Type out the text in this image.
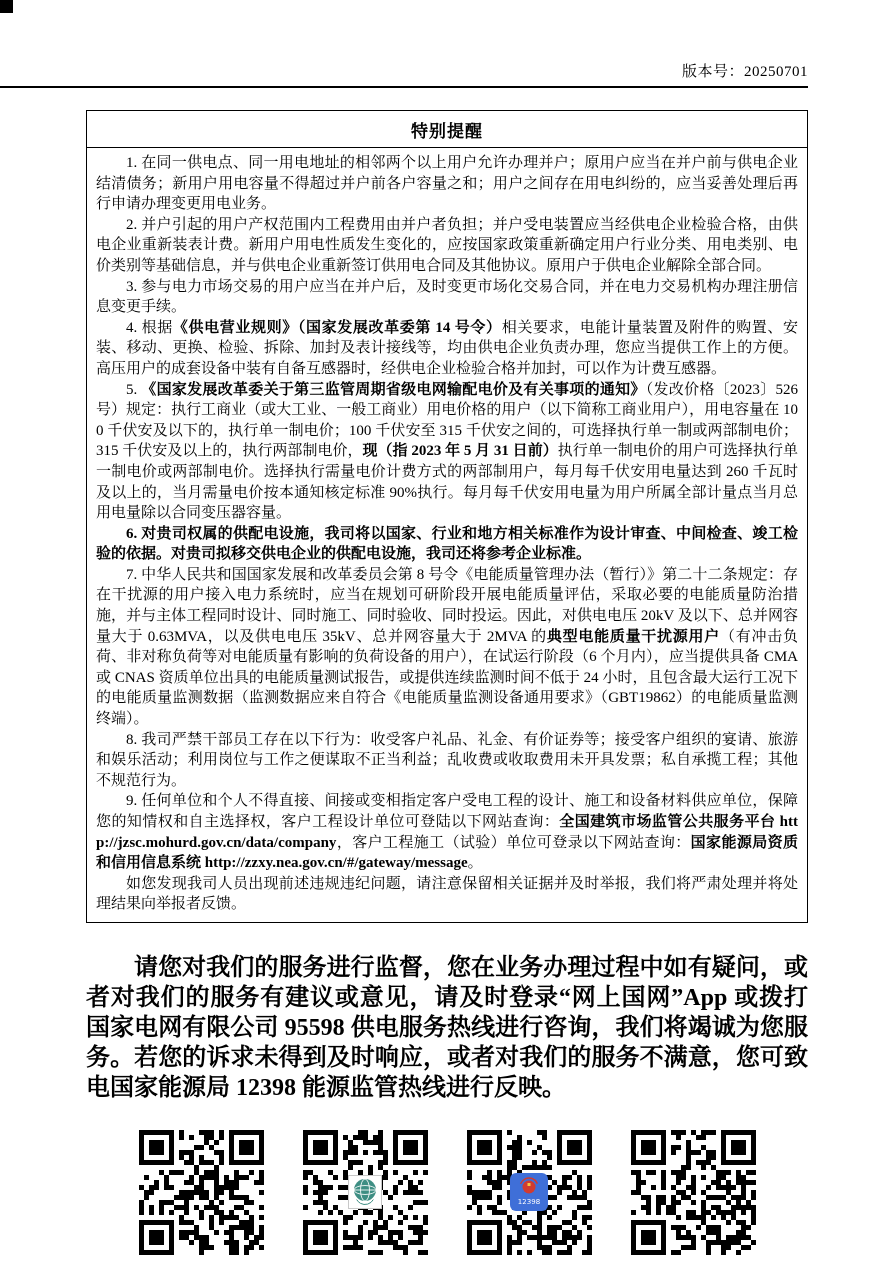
版本号：20250701
特别提醒

1. 在同一供电点、同一用电地址的相邻两个以上用户允许办理并户；原用户应当在并户前与供电企业结清债务；新用户用电容量不得超过并户前各户容量之和；用户之间存在用电纠纷的，应当妥善处理后再行申请办理变更用电业务。

2. 并户引起的用户产权范围内工程费用由并户者负担；并户受电装置应当经供电企业检验合格，由供电企业重新装表计费。新用户用电性质发生变化的，应按国家政策重新确定用户行业分类、用电类别、电价类别等基础信息，并与供电企业重新签订供用电合同及其他协议。原用户于供电企业解除全部合同。

3. 参与电力市场交易的用户应当在并户后，及时变更市场化交易合同，并在电力交易机构办理注册信息变更手续。

4. 根据《供电营业规则》（国家发展改革委第 14 号令）相关要求，电能计量装置及附件的购置、安装、移动、更换、检验、拆除、加封及表计接线等，均由供电企业负责办理，您应当提供工作上的方便。高压用户的成套设备中装有自备互感器时，经供电企业检验合格并加封，可以作为计费互感器。

5. 《国家发展改革委关于第三监管周期省级电网输配电价及有关事项的通知》（发改价格〔2023〕526 号）规定：执行工商业（或大工业、一般工商业）用电价格的用户（以下简称工商业用户），用电容量在 100 千伏安及以下的，执行单一制电价；100 千伏安至 315 千伏安之间的，可选择执行单一制或两部制电价；315 千伏安及以上的，执行两部制电价，现（指 2023 年 5 月 31 日前）执行单一制电价的用户可选择执行单一制电价或两部制电价。选择执行需量电价计费方式的两部制用户，每月每千伏安用电量达到 260 千瓦时及以上的，当月需量电价按本通知核定标准 90%执行。每月每千伏安用电量为用户所属全部计量点当月总用电量除以合同变压器容量。

6. 对贵司权属的供配电设施，我司将以国家、行业和地方相关标准作为设计审查、中间检查、竣工检验的依据。对贵司拟移交供电企业的供配电设施，我司还将参考企业标准。

7. 中华人民共和国国家发展和改革委员会第 8 号令《电能质量管理办法（暂行）》第二十二条规定：存在干扰源的用户接入电力系统时，应当在规划可研阶段开展电能质量评估，采取必要的电能质量防治措施，并与主体工程同时设计、同时施工、同时验收、同时投运。因此，对供电电压 20kV 及以下、总并网容量大于 0.63MVA，以及供电电压 35kV、总并网容量大于 2MVA 的典型电能质量干扰源用户（有冲击负荷、非对称负荷等对电能质量有影响的负荷设备的用户），在试运行阶段（6 个月内），应当提供具备 CMA 或 CNAS 资质单位出具的电能质量测试报告，或提供连续监测时间不低于 24 小时，且包含最大运行工况下的电能质量监测数据（监测数据应来自符合《电能质量监测设备通用要求》（GBT19862）的电能质量监测终端）。

8. 我司严禁干部员工存在以下行为：收受客户礼品、礼金、有价证券等；接受客户组织的宴请、旅游和娱乐活动；利用岗位与工作之便谋取不正当利益；乱收费或收取费用未开具发票；私自承揽工程；其他不规范行为。

9. 任何单位和个人不得直接、间接或变相指定客户受电工程的设计、施工和设备材料供应单位，保障您的知情权和自主选择权，客户工程设计单位可登陆以下网站查询：全国建筑市场监管公共服务平台 http://jzsc.mohurd.gov.cn/data/company，客户工程施工（试验）单位可登录以下网站查询：国家能源局资质和信用信息系统 http://zzxy.nea.gov.cn/#/gateway/message。

如您发现我司人员出现前述违规违纪问题，请注意保留相关证据并及时举报，我们将严肃处理并将处理结果向举报者反馈。

请您对我们的服务进行监督，您在业务办理过程中如有疑问，或者对我们的服务有建议或意见，请及时登录“网上国网”App 或拨打国家电网有限公司 95598 供电服务热线进行咨询，我们将竭诚为您服务。若您的诉求未得到及时响应，或者对我们的服务不满意，您可致电国家能源局 12398 能源监管热线进行反映。
